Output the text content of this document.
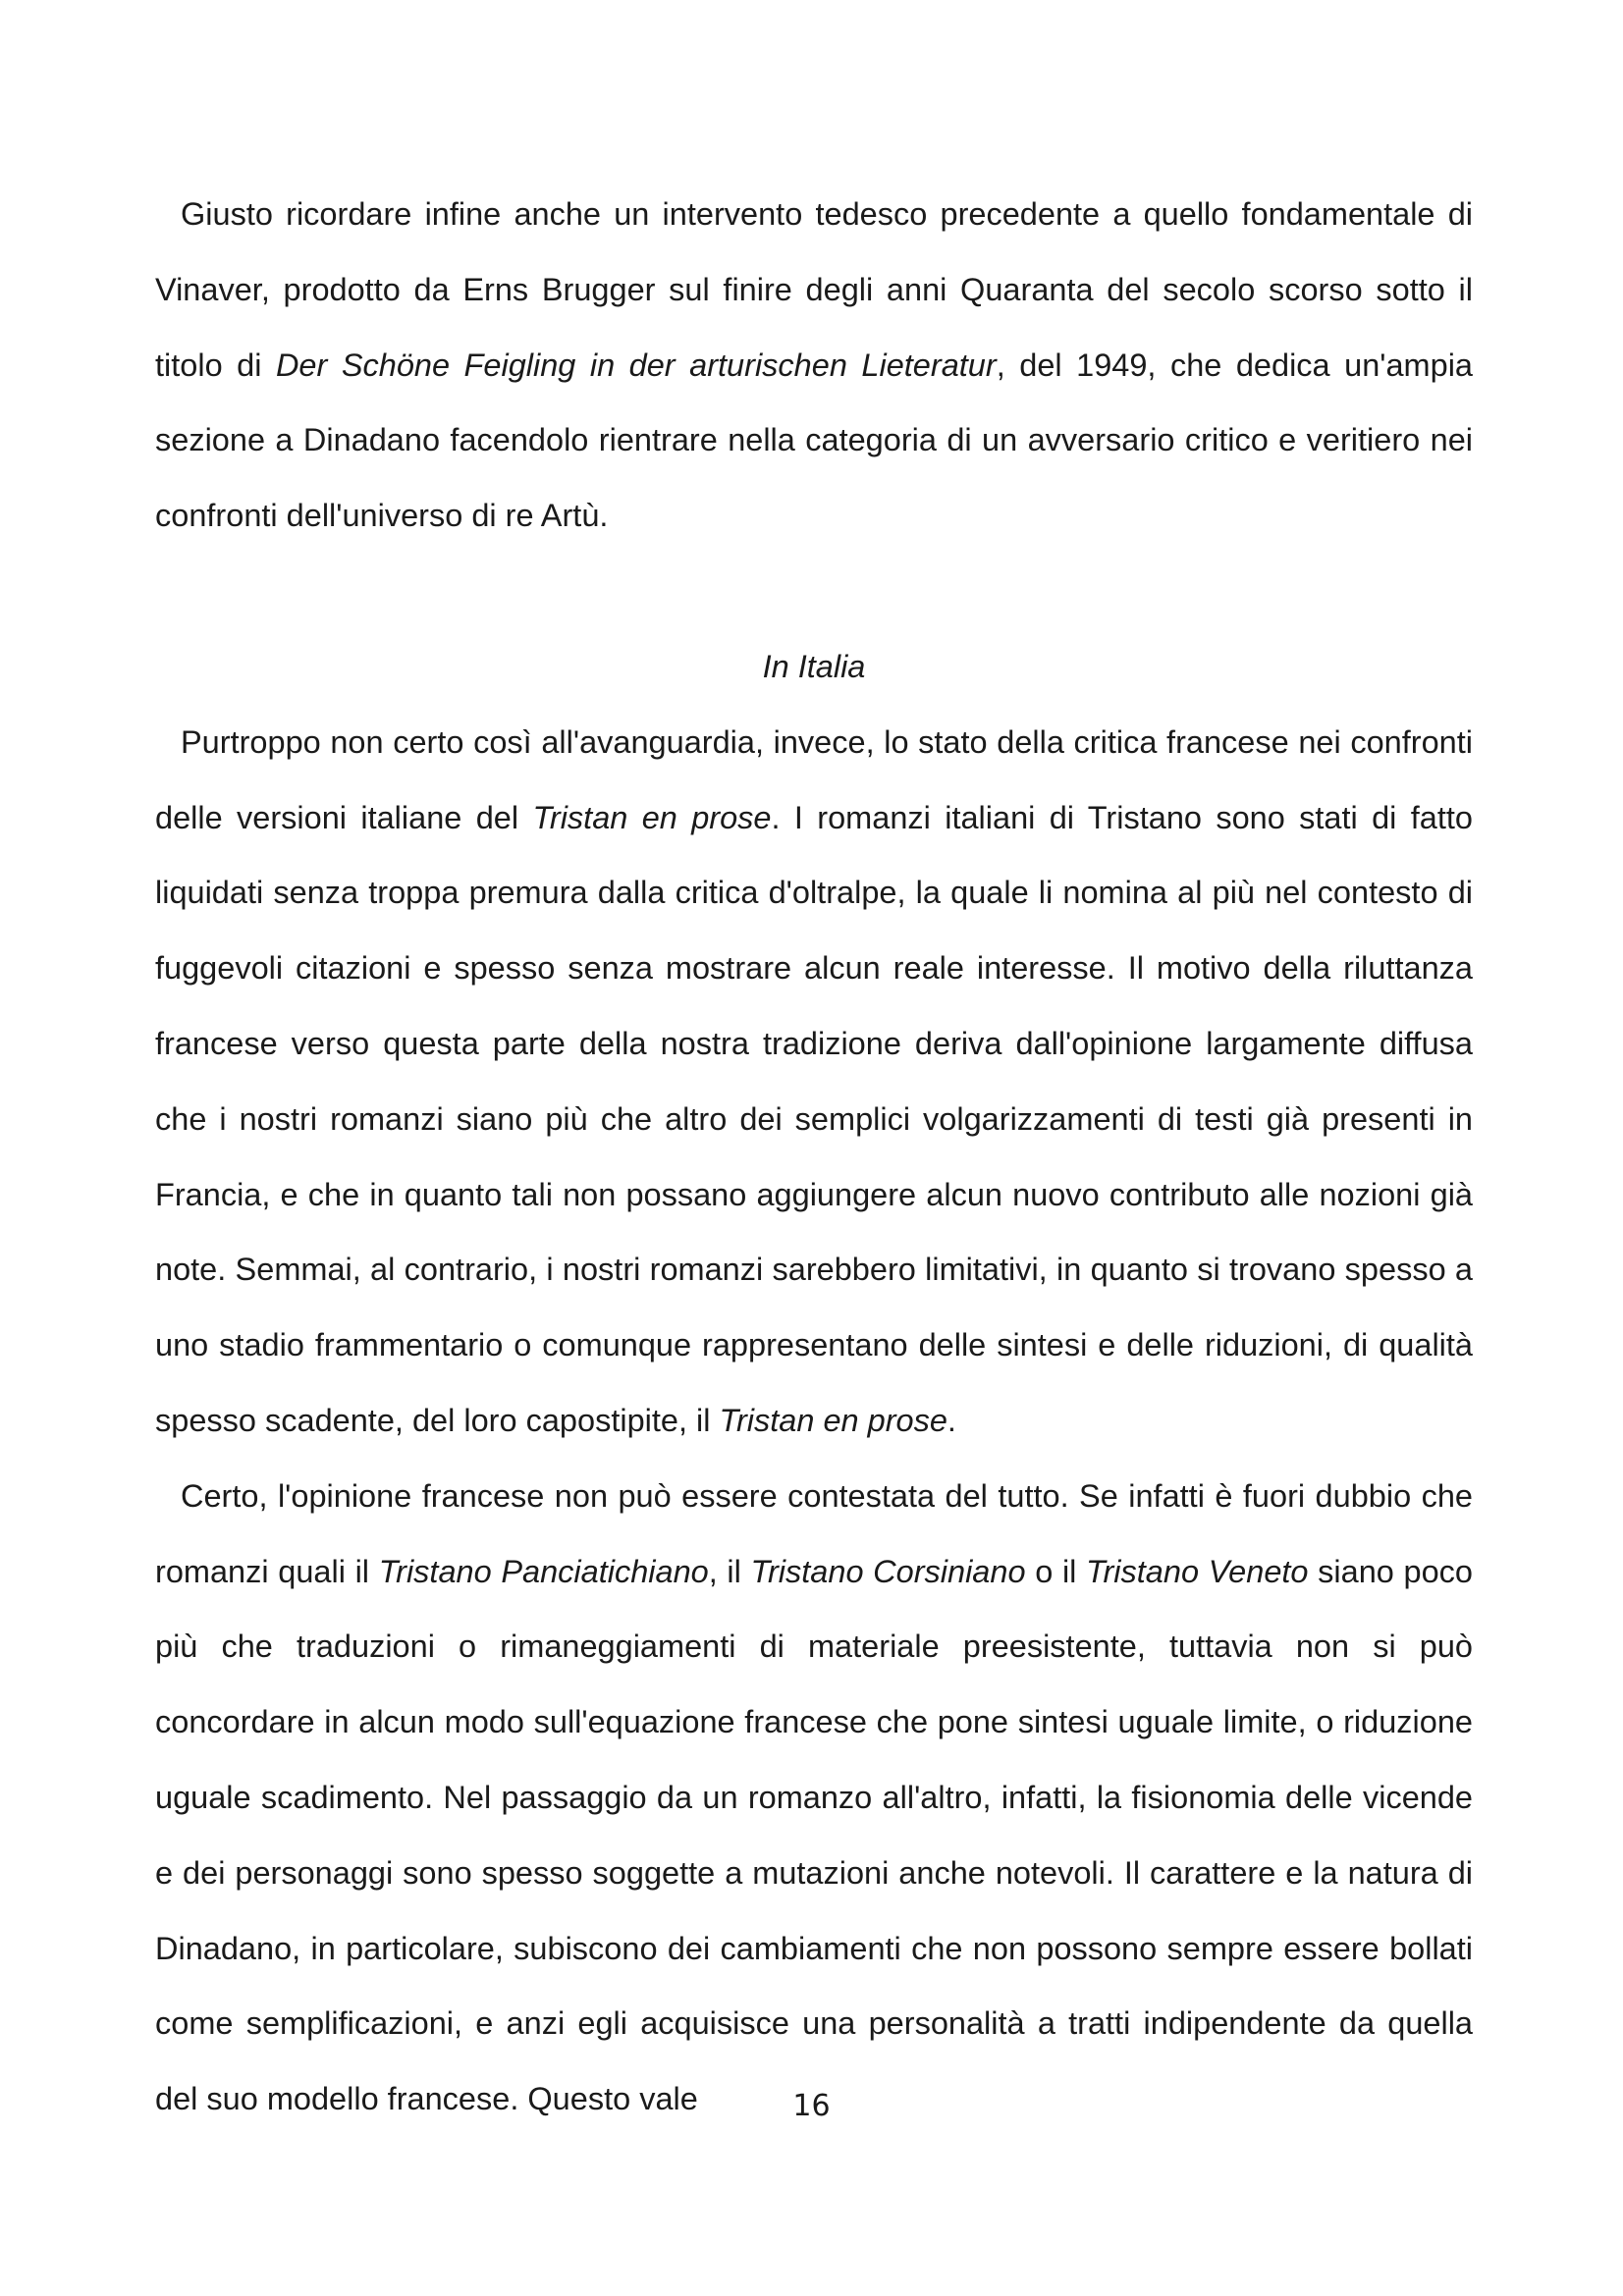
Giusto ricordare infine anche un intervento tedesco precedente a quello fondamentale di Vinaver, prodotto da Erns Brugger sul finire degli anni Quaranta del secolo scorso sotto il titolo di Der Schöne Feigling in der arturischen Lieteratur, del 1949, che dedica un'ampia sezione a Dinadano facendolo rientrare nella categoria di un avversario critico e veritiero nei confronti dell'universo di re Artù.

In Italia

Purtroppo non certo così all'avanguardia, invece, lo stato della critica francese nei confronti delle versioni italiane del Tristan en prose. I romanzi italiani di Tristano sono stati di fatto liquidati senza troppa premura dalla critica d'oltralpe, la quale li nomina al più nel contesto di fuggevoli citazioni e spesso senza mostrare alcun reale interesse. Il motivo della riluttanza francese verso questa parte della nostra tradizione deriva dall'opinione largamente diffusa che i nostri romanzi siano più che altro dei semplici volgarizzamenti di testi già presenti in Francia, e che in quanto tali non possano aggiungere alcun nuovo contributo alle nozioni già note. Semmai, al contrario, i nostri romanzi sarebbero limitativi, in quanto si trovano spesso a uno stadio frammentario o comunque rappresentano delle sintesi e delle riduzioni, di qualità spesso scadente, del loro capostipite, il Tristan en prose.

Certo, l'opinione francese non può essere contestata del tutto. Se infatti è fuori dubbio che romanzi quali il Tristano Panciatichiano, il Tristano Corsiniano o il Tristano Veneto siano poco più che traduzioni o rimaneggiamenti di materiale preesistente, tuttavia non si può concordare in alcun modo sull'equazione francese che pone sintesi uguale limite, o riduzione uguale scadimento. Nel passaggio da un romanzo all'altro, infatti, la fisionomia delle vicende e dei personaggi sono spesso soggette a mutazioni anche notevoli. Il carattere e la natura di Dinadano, in particolare, subiscono dei cambiamenti che non possono sempre essere bollati come semplificazioni, e anzi egli acquisisce una personalità a tratti indipendente da quella del suo modello francese. Questo vale	16
